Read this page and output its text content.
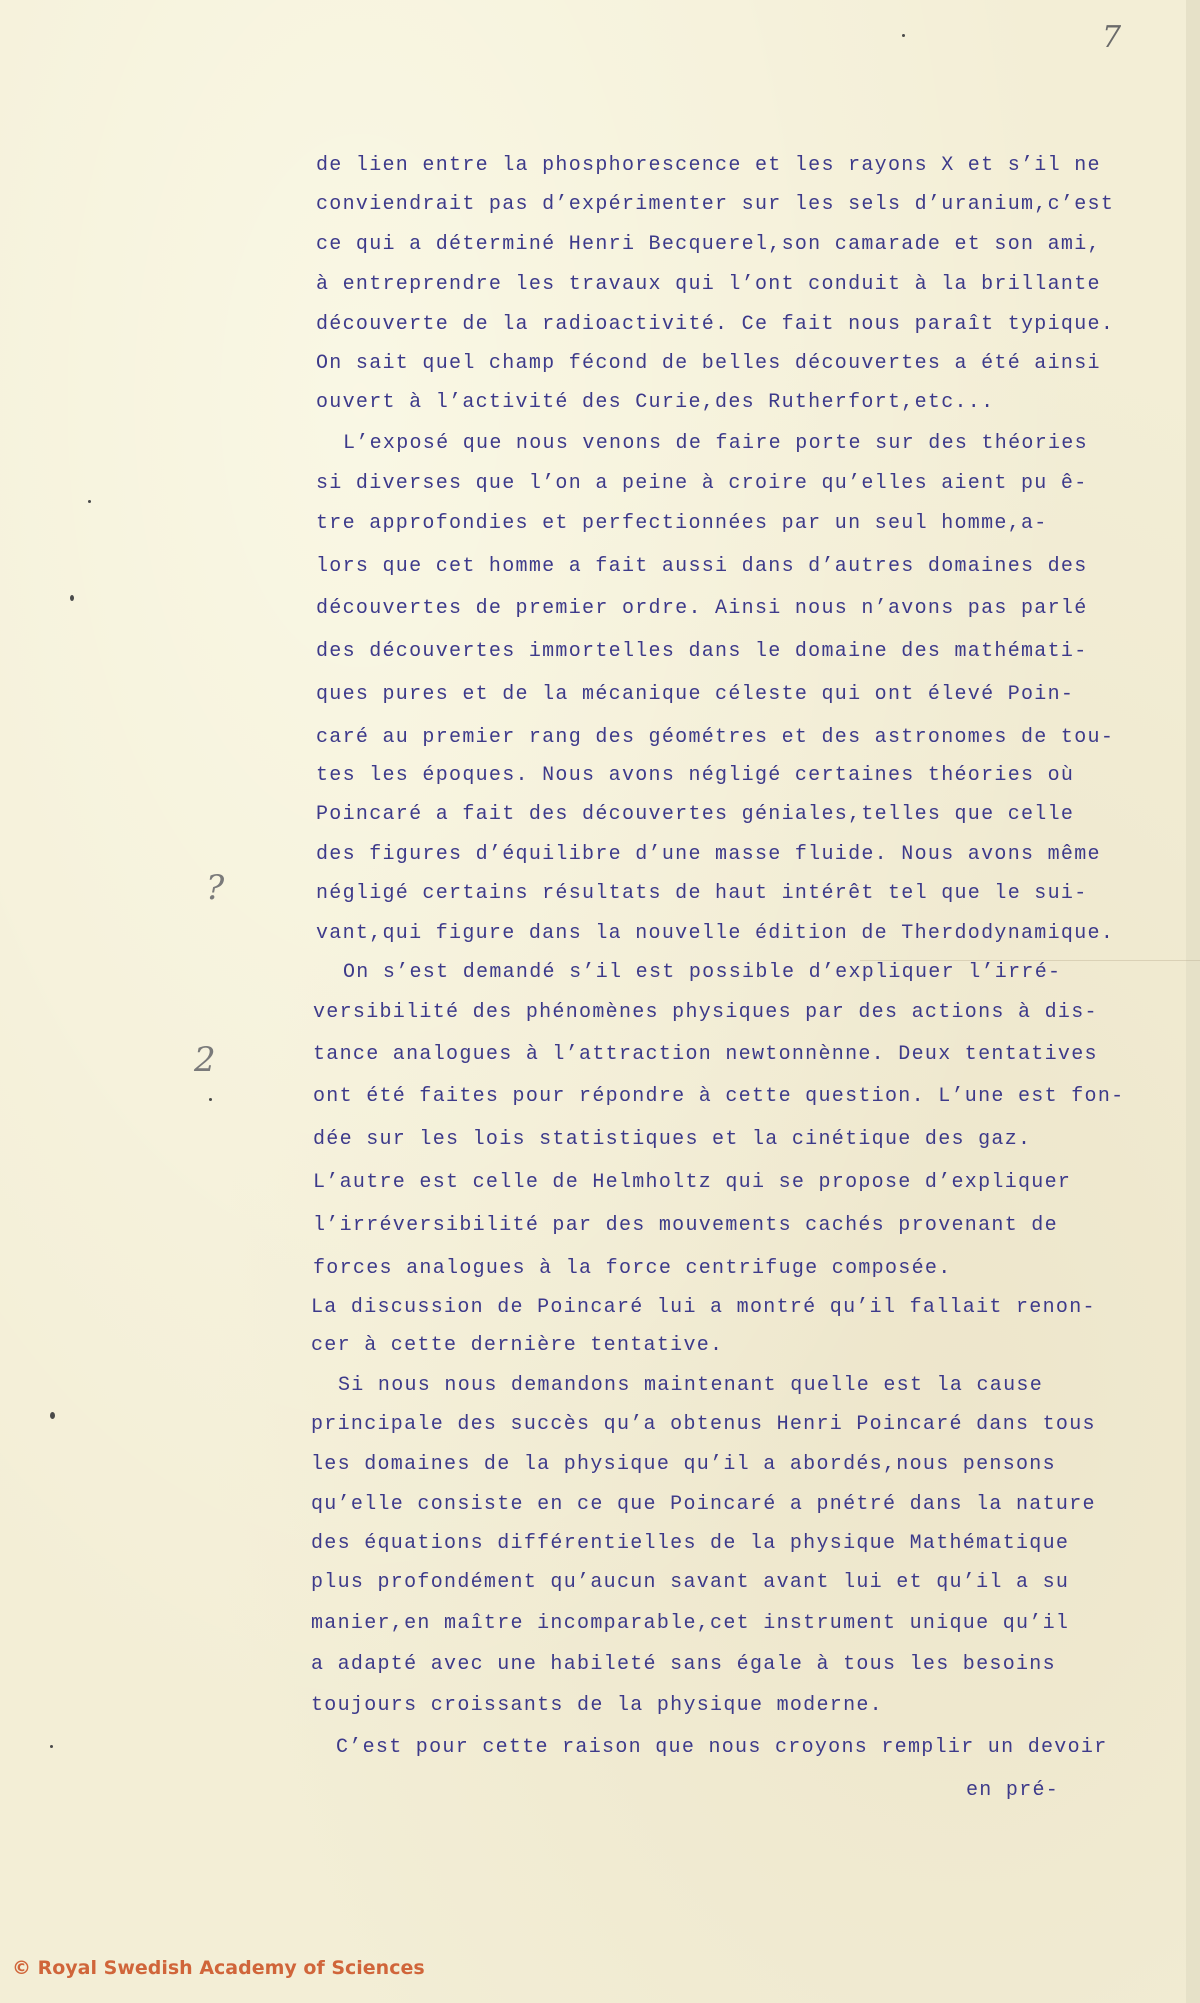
7
?
2
de lien entre la phosphorescence et les rayons X et s’il ne
conviendrait pas d’expérimenter sur les sels d’uranium,c’est
ce qui a déterminé Henri Becquerel,son camarade et son ami,
à entreprendre les travaux qui l’ont conduit à la brillante
découverte de la radioactivité. Ce fait nous paraît typique.
On sait quel champ fécond de belles découvertes a été ainsi
ouvert à l’activité des Curie,des Rutherfort,etc...
L’exposé que nous venons de faire porte sur des théories
si diverses que l’on a peine à croire qu’elles aient pu ê-
tre approfondies et perfectionnées par un seul homme,a-
lors que cet homme a fait aussi dans d’autres domaines des
découvertes de premier ordre. Ainsi nous n’avons pas parlé
des découvertes immortelles dans le domaine des mathémati-
ques pures et de la mécanique céleste qui ont élevé Poin-
caré au premier rang des géométres et des astronomes de tou-
tes les époques. Nous avons négligé certaines théories où
Poincaré a fait des découvertes géniales,telles que celle
des figures d’équilibre d’une masse fluide. Nous avons même
négligé certains résultats de haut intérêt tel que le sui-
vant,qui figure dans la nouvelle édition de Therdodynamique.
On s’est demandé s’il est possible d’expliquer l’irré-
versibilité des phénomènes physiques par des actions à dis-
tance analogues à l’attraction newtonnènne. Deux tentatives
ont été faites pour répondre à cette question. L’une est fon-
dée sur les lois statistiques et la cinétique des gaz.
L’autre est celle de Helmholtz qui se propose d’expliquer
l’irréversibilité par des mouvements cachés provenant de
forces analogues à la force centrifuge composée.
La discussion de Poincaré lui a montré qu’il fallait renon-
cer à cette dernière tentative.
Si nous nous demandons maintenant quelle est la cause
principale des succès qu’a obtenus Henri Poincaré dans tous
les domaines de la physique qu’il a abordés,nous pensons
qu’elle consiste en ce que Poincaré a pnétré dans la nature
des équations différentielles de la physique Mathématique
plus profondément qu’aucun savant avant lui et qu’il a su
manier,en maître incomparable,cet instrument unique qu’il
a adapté avec une habileté sans égale à tous les besoins
toujours croissants de la physique moderne.
C’est pour cette raison que nous croyons remplir un devoir
en pré-
© Royal Swedish Academy of Sciences
